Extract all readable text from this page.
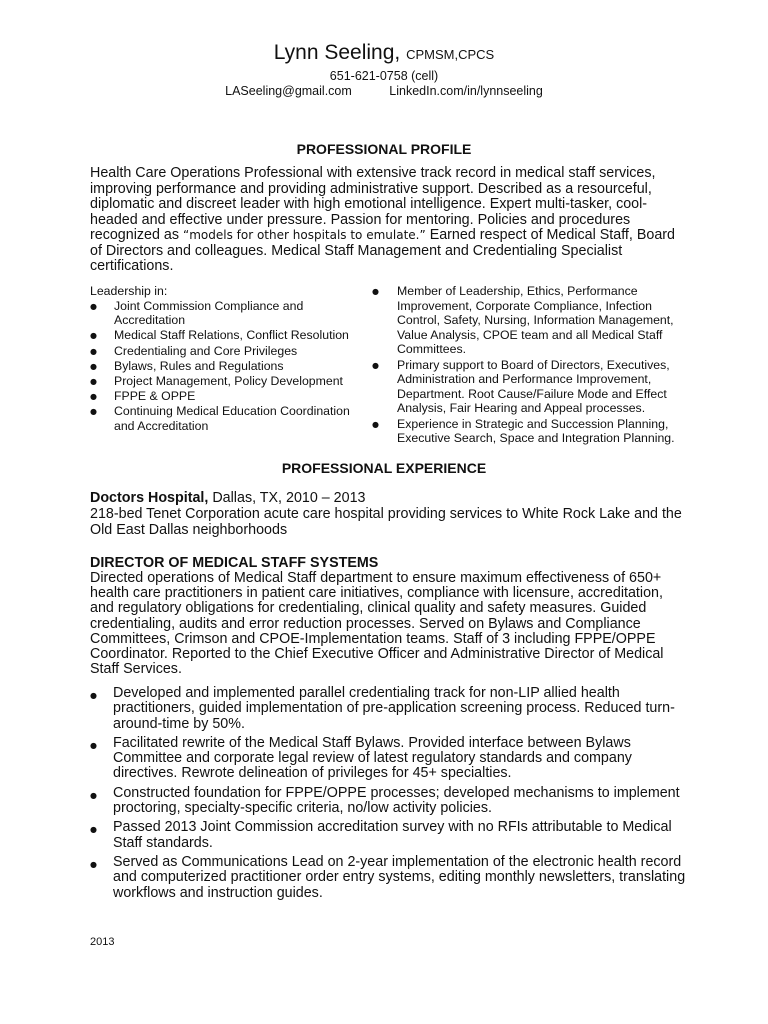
Lynn Seeling, CPMSM,CPCS
651-621-0758 (cell)
LASeeling@gmail.com	LinkedIn.com/in/lynnseeling
PROFESSIONAL PROFILE
Health Care Operations Professional with extensive track record in medical staff services, improving performance and providing administrative support. Described as a resourceful, diplomatic and discreet leader with high emotional intelligence. Expert multi-tasker, cool-headed and effective under pressure. Passion for mentoring. Policies and procedures recognized as “models for other hospitals to emulate.” Earned respect of Medical Staff, Board of Directors and colleagues. Medical Staff Management and Credentialing Specialist certifications.
Leadership in:
● Joint Commission Compliance and Accreditation
● Medical Staff Relations, Conflict Resolution
● Credentialing and Core Privileges
● Bylaws, Rules and Regulations
● Project Management, Policy Development
● FPPE & OPPE
● Continuing Medical Education Coordination and Accreditation
● Member of Leadership, Ethics, Performance Improvement, Corporate Compliance, Infection Control, Safety, Nursing, Information Management, Value Analysis, CPOE team and all Medical Staff Committees.
● Primary support to Board of Directors, Executives, Administration and Performance Improvement, Department. Root Cause/Failure Mode and Effect Analysis, Fair Hearing and Appeal processes.
● Experience in Strategic and Succession Planning, Executive Search, Space and Integration Planning.
PROFESSIONAL EXPERIENCE
Doctors Hospital, Dallas, TX, 2010 – 2013
218-bed Tenet Corporation acute care hospital providing services to White Rock Lake and the Old East Dallas neighborhoods
DIRECTOR OF MEDICAL STAFF SYSTEMS
Directed operations of Medical Staff department to ensure maximum effectiveness of 650+ health care practitioners in patient care initiatives, compliance with licensure, accreditation, and regulatory obligations for credentialing, clinical quality and safety measures. Guided credentialing, audits and error reduction processes. Served on Bylaws and Compliance Committees, Crimson and CPOE-Implementation teams. Staff of 3 including FPPE/OPPE Coordinator. Reported to the Chief Executive Officer and Administrative Director of Medical Staff Services.
● Developed and implemented parallel credentialing track for non-LIP allied health practitioners, guided implementation of pre-application screening process. Reduced turn-around-time by 50%.
● Facilitated rewrite of the Medical Staff Bylaws. Provided interface between Bylaws Committee and corporate legal review of latest regulatory standards and company directives. Rewrote delineation of privileges for 45+ specialties.
● Constructed foundation for FPPE/OPPE processes; developed mechanisms to implement proctoring, specialty-specific criteria, no/low activity policies.
● Passed 2013 Joint Commission accreditation survey with no RFIs attributable to Medical Staff standards.
● Served as Communications Lead on 2-year implementation of the electronic health record and computerized practitioner order entry systems, editing monthly newsletters, translating workflows and instruction guides.
2013
